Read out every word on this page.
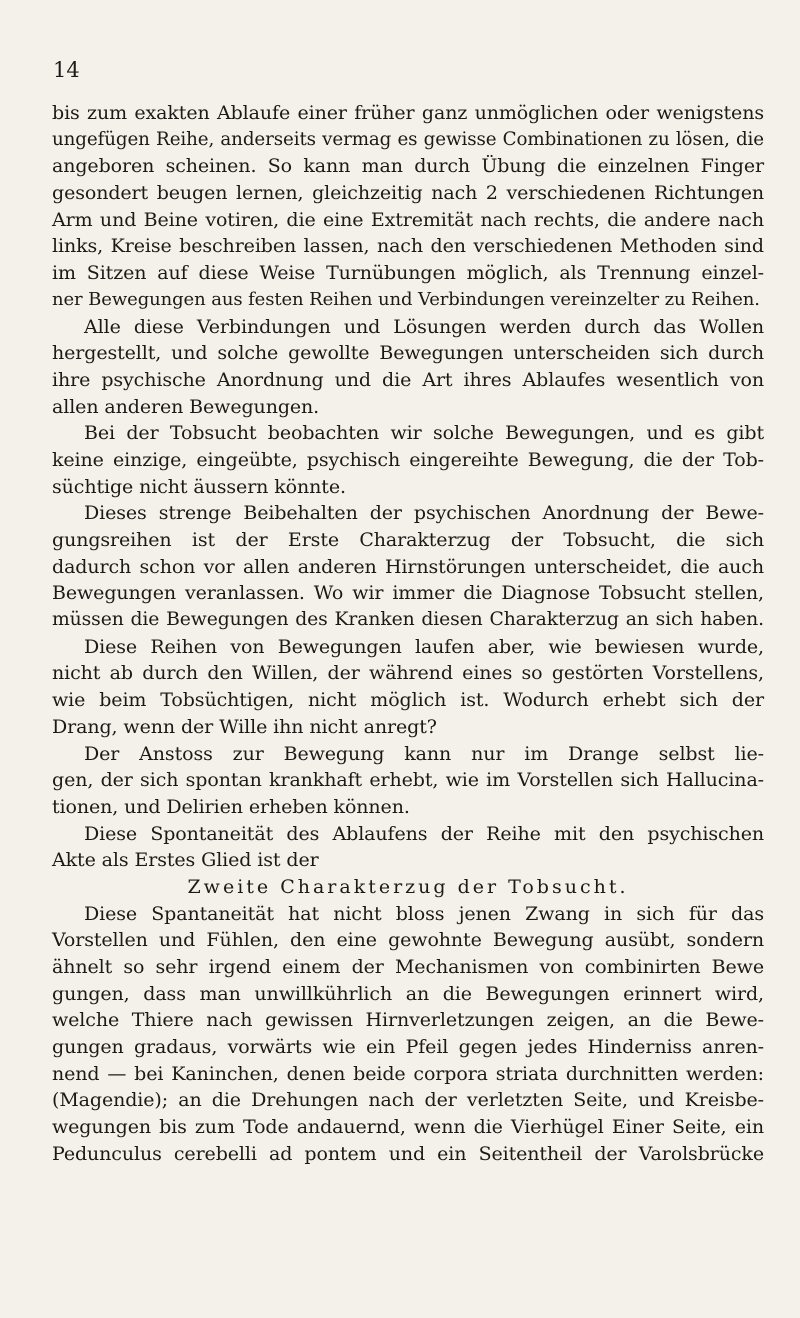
14
bis zum exakten Ablaufe einer früher ganz unmöglichen oder wenigstens
ungefügen Reihe, anderseits vermag es gewisse Combinationen zu lösen, die
angeboren scheinen. So kann man durch Übung die einzelnen Finger
gesondert beugen lernen, gleichzeitig nach 2 verschiedenen Richtungen
Arm und Beine votiren, die eine Extremität nach rechts, die andere nach
links, Kreise beschreiben lassen, nach den verschiedenen Methoden sind
im Sitzen auf diese Weise Turnübungen möglich, als Trennung einzel-
ner Bewegungen aus festen Reihen und Verbindungen vereinzelter zu Reihen.
Alle diese Verbindungen und Lösungen werden durch das Wollen
hergestellt, und solche gewollte Bewegungen unterscheiden sich durch
ihre psychische Anordnung und die Art ihres Ablaufes wesentlich von
allen anderen Bewegungen.
Bei der Tobsucht beobachten wir solche Bewegungen, und es gibt
keine einzige, eingeübte, psychisch eingereihte Bewegung, die der Tob-
süchtige nicht äussern könnte.
Dieses strenge Beibehalten der psychischen Anordnung der Bewe-
gungsreihen ist der Erste Charakterzug der Tobsucht, die sich
dadurch schon vor allen anderen Hirnstörungen unterscheidet, die auch
Bewegungen veranlassen. Wo wir immer die Diagnose Tobsucht stellen,
müssen die Bewegungen des Kranken diesen Charakterzug an sich haben.
Diese Reihen von Bewegungen laufen aber, wie bewiesen wurde,
nicht ab durch den Willen, der während eines so gestörten Vorstellens,
wie beim Tobsüchtigen, nicht möglich ist. Wodurch erhebt sich der
Drang, wenn der Wille ihn nicht anregt?
Der Anstoss zur Bewegung kann nur im Drange selbst lie-
gen, der sich spontan krankhaft erhebt, wie im Vorstellen sich Hallucina-
tionen, und Delirien erheben können.
Diese Spontaneität des Ablaufens der Reihe mit den psychischen
Akte als Erstes Glied ist der
Zweite Charakterzug der Tobsucht.
Diese Spantaneität hat nicht bloss jenen Zwang in sich für das
Vorstellen und Fühlen, den eine gewohnte Bewegung ausübt, sondern
ähnelt so sehr irgend einem der Mechanismen von combinirten Bewe
gungen, dass man unwillkührlich an die Bewegungen erinnert wird,
welche Thiere nach gewissen Hirnverletzungen zeigen, an die Bewe-
gungen gradaus, vorwärts wie ein Pfeil gegen jedes Hinderniss anren-
nend — bei Kaninchen, denen beide corpora striata durchnitten werden:
(Magendie); an die Drehungen nach der verletzten Seite, und Kreisbe-
wegungen bis zum Tode andauernd, wenn die Vierhügel Einer Seite, ein
Pedunculus cerebelli ad pontem und ein Seitentheil der Varolsbrücke
